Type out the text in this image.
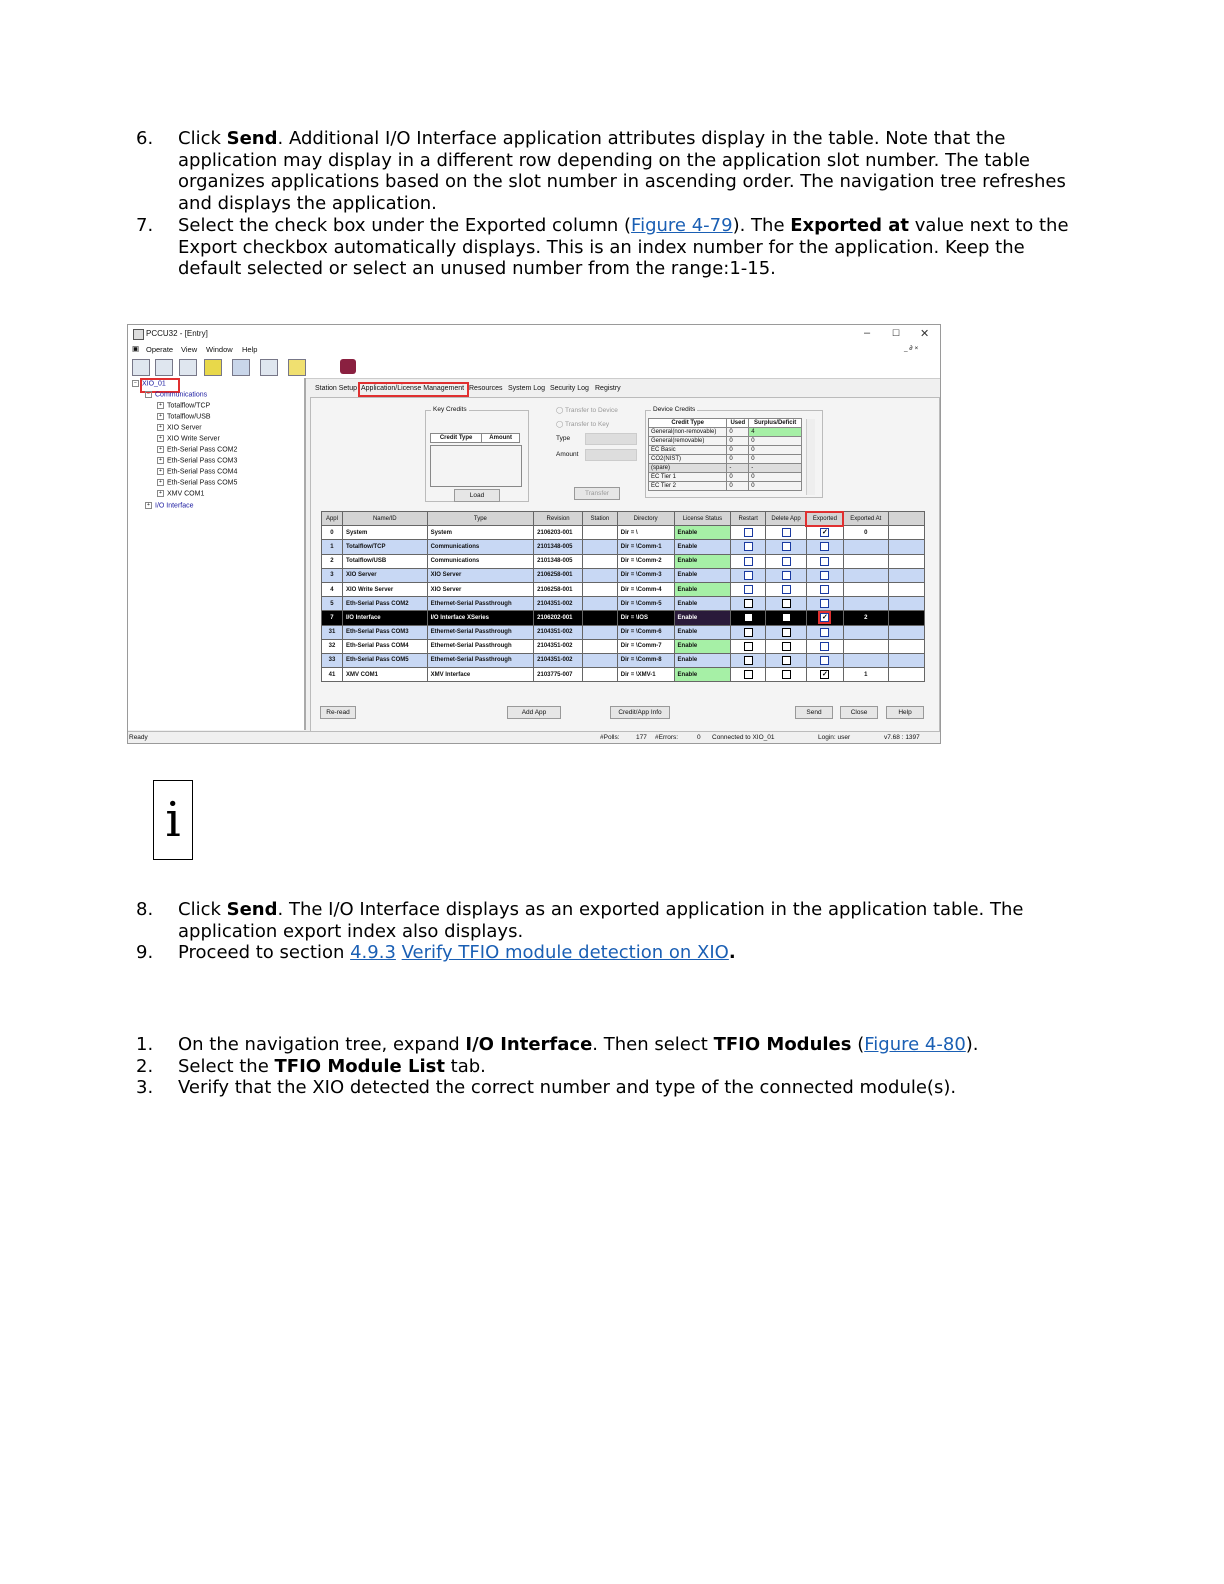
6. Click Send. Additional I/O Interface application attributes display in the table. Note that the application may display in a different row depending on the application slot number. The table organizes applications based on the slot number in ascending order. The navigation tree refreshes and displays the application.
7. Select the check box under the Exported column (Figure 4-79). The Exported at value next to the Export checkbox automatically displays. This is an index number for the application. Keep the default selected or select an unused number from the range:1-15.
PCCU32 - [Entry]	– ☐ ✕
▣ Operate View Window Help	_ ∂ ×
− XIO_01
− Communications
+ Totalflow/TCP
+ Totalflow/USB
+ XIO Server
+ XIO Write Server
+ Eth-Serial Pass COM2
+ Eth-Serial Pass COM3
+ Eth-Serial Pass COM4
+ Eth-Serial Pass COM5
+ XMV COM1
+ I/O Interface
Station Setup Application/License Management Resources System Log Security Log Registry
Key Credits
Credit Type	Amount
Load
◯ Transfer to Device
◯ Transfer to Key
Type
Amount
Transfer
Device Credits
Credit Type	Used	Surplus/Deficit
General(non-removable)	0	4
General(removable)	0	0
EC Basic	0	0
CO2(NIST)	0	0
(spare)	-	-
EC Tier 1	0	0
EC Tier 2	0	0
Appl	Name/ID	Type	Revision	Station	Directory	License Status	Restart	Delete App	Exported	Exported At	
0	System	System	2106203-001		Dir = \	Enable			✓	0	
1	Totalflow/TCP	Communications	2101348-005		Dir = \Comm-1	Enable					
2	Totalflow/USB	Communications	2101348-005		Dir = \Comm-2	Enable					
3	XIO Server	XIO Server	2106258-001		Dir = \Comm-3	Enable					
4	XIO Write Server	XIO Server	2106258-001		Dir = \Comm-4	Enable					
5	Eth-Serial Pass COM2	Ethernet-Serial Passthrough	2104351-002		Dir = \Comm-5	Enable					
7	I/O Interface	I/O Interface XSeries	2106202-001		Dir = \IOS	Enable			✓	2	
31	Eth-Serial Pass COM3	Ethernet-Serial Passthrough	2104351-002		Dir = \Comm-6	Enable					
32	Eth-Serial Pass COM4	Ethernet-Serial Passthrough	2104351-002		Dir = \Comm-7	Enable					
33	Eth-Serial Pass COM5	Ethernet-Serial Passthrough	2104351-002		Dir = \Comm-8	Enable					
41	XMV COM1	XMV Interface	2103775-007		Dir = \XMV-1	Enable			✓	1	
Re-read	Add App	Credit/App Info	Send	Close	Help
Ready	#Polls:	177 #Errors:	0 Connected to XIO_01	Login: user	v7.68 : 1397
i
8. Click Send. The I/O Interface displays as an exported application in the application table. The application export index also displays.
9. Proceed to section 4.9.3 Verify TFIO module detection on XIO.
1. On the navigation tree, expand I/O Interface. Then select TFIO Modules (Figure 4-80).
2. Select the TFIO Module List tab.
3. Verify that the XIO detected the correct number and type of the connected module(s).
